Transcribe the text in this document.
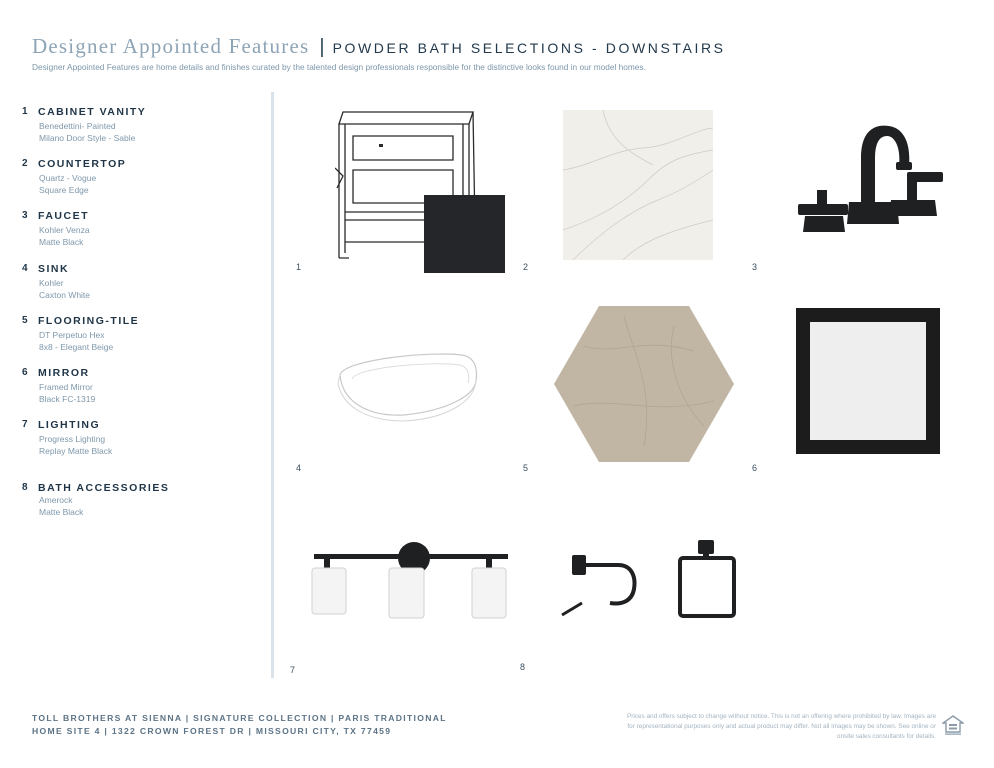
Designer Appointed Features | POWDER BATH SELECTIONS - DOWNSTAIRS
Designer Appointed Features are home details and finishes curated by the talented design professionals responsible for the distinctive looks found in our model homes.
1 CABINET VANITY
Benedettini- Painted
Milano Door Style - Sable
2 COUNTERTOP
Quartz - Vogue
Square Edge
3 FAUCET
Kohler Venza
Matte Black
4 SINK
Kohler
Caxton White
5 FLOORING-TILE
DT Perpetuo Hex
8x8 - Elegant Beige
6 MIRROR
Framed Mirror
Black FC-1319
7 LIGHTING
Progress Lighting
Replay Matte Black
8 BATH ACCESSORIES
Amerock
Matte Black
1	2	3
4	5	6
7	8
TOLL BROTHERS AT SIENNA | SIGNATURE COLLECTION | PARIS TRADITIONAL
HOME SITE 4 | 1322 CROWN FOREST DR | MISSOURI CITY, TX 77459
Prices and offers subject to change without notice. This is not an offering where prohibited by law. Images are for representational purposes only and actual product may differ. Not all images may be shown. See online or onsite sales consultants for details.
